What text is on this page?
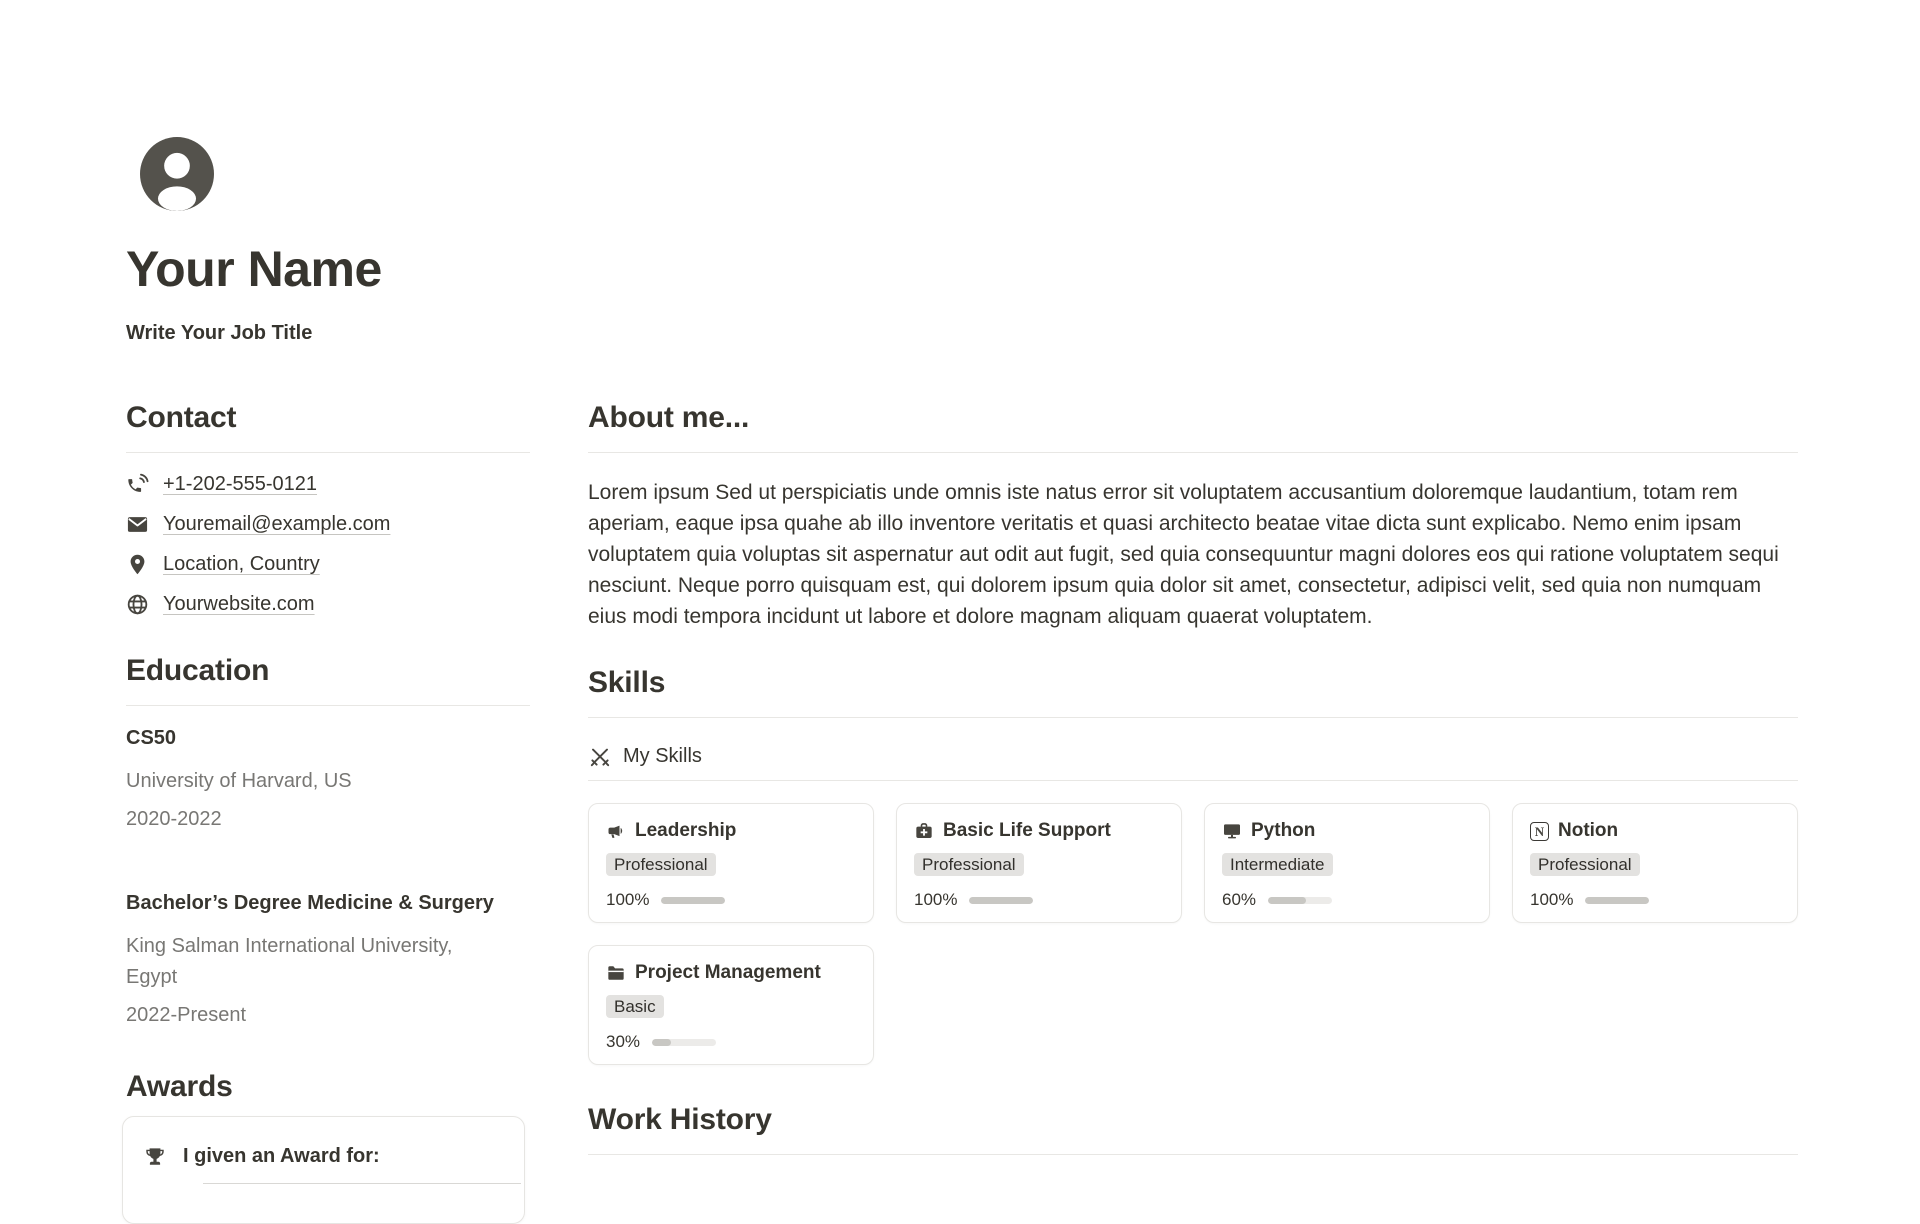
Your Name
Write Your Job Title
Contact
+1-202-555-0121
Youremail@example.com
Location, Country
Yourwebsite.com
Education
CS50
University of Harvard, US
2020-2022
Bachelor’s Degree Medicine & Surgery
King Salman International University, Egypt
2022-Present
Awards
I given an Award for:
About me...

Lorem ipsum Sed ut perspiciatis unde omnis iste natus error sit voluptatem accusantium doloremque laudantium, totam rem aperiam, eaque ipsa quahe ab illo inventore veritatis et quasi architecto beatae vitae dicta sunt explicabo. Nemo enim ipsam voluptatem quia voluptas sit aspernatur aut odit aut fugit, sed quia consequuntur magni dolores eos qui ratione voluptatem sequi nesciunt. Neque porro quisquam est, qui dolorem ipsum quia dolor sit amet, consectetur, adipisci velit, sed quia non numquam eius modi tempora incidunt ut labore et dolore magnam aliquam quaerat voluptatem.

Skills
My Skills
Leadership
Professional
100%
Basic Life Support
Professional
100%
Python
Intermediate
60%
N Notion
Professional
100%
Project Management
Basic
30%
Work History
